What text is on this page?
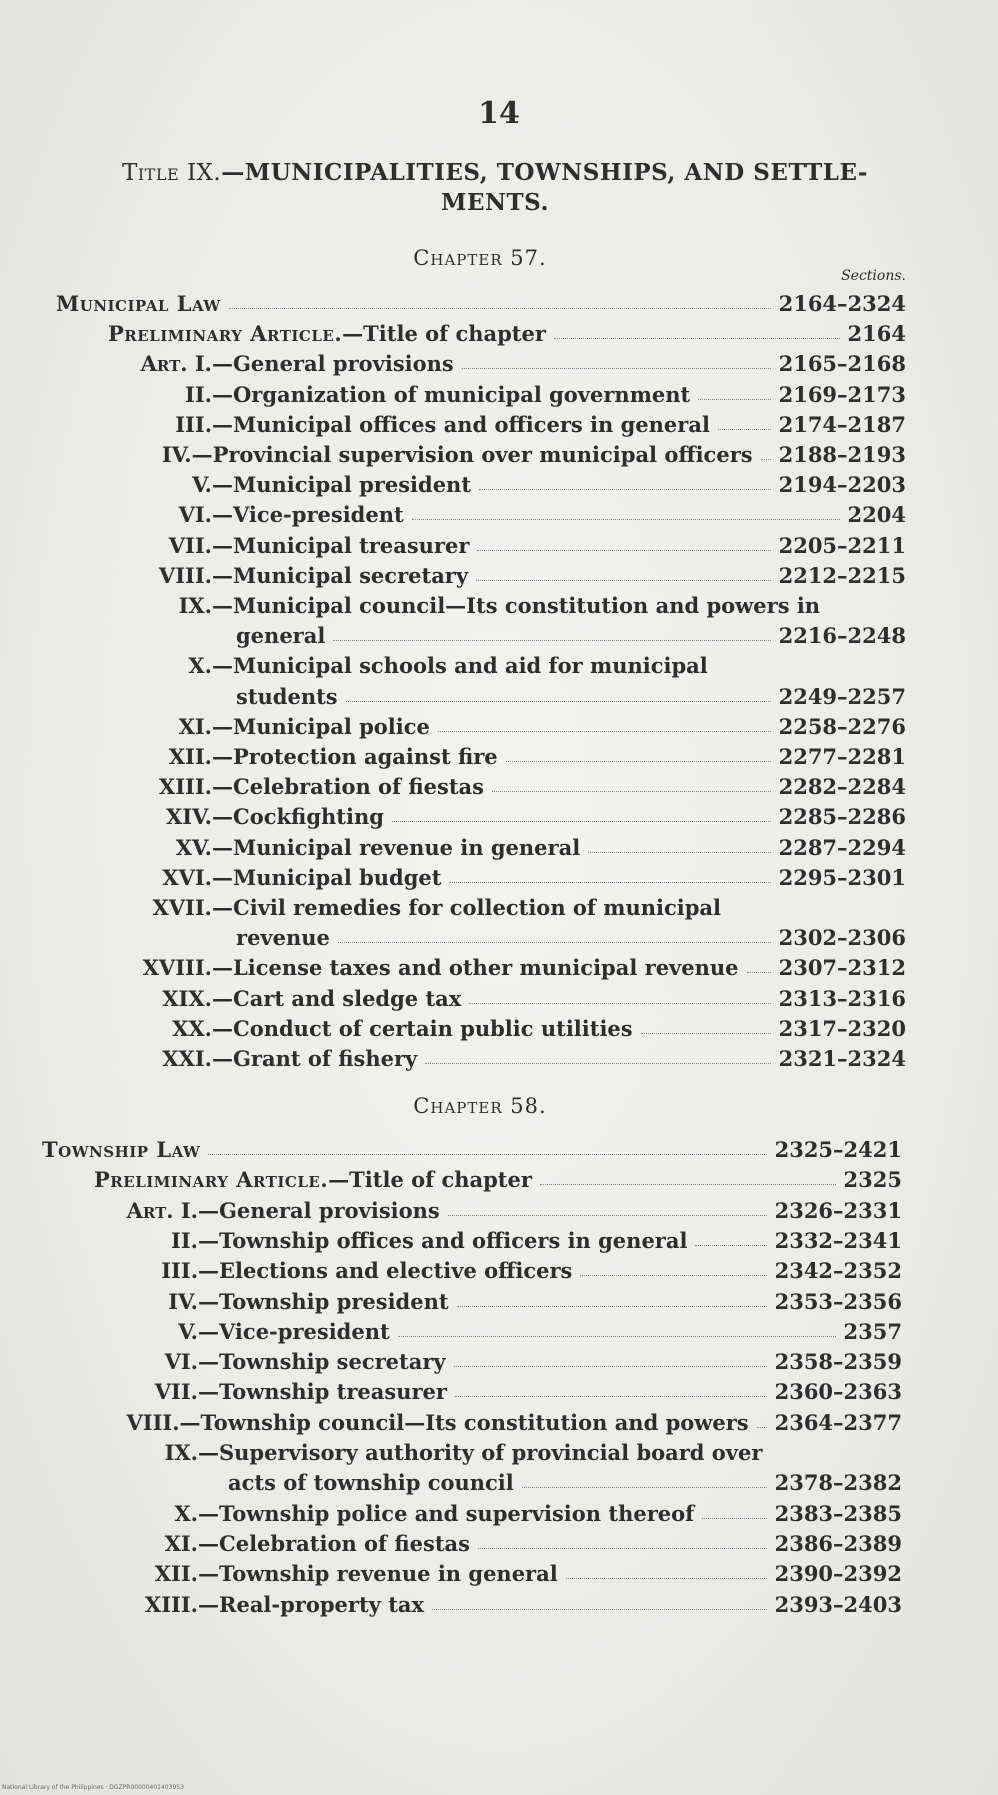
14
Title IX.—MUNICIPALITIES, TOWNSHIPS, AND SETTLE-
MENTS.
Chapter 57.
Sections.
Municipal Law	2164–2324
Preliminary Article.—Title of chapter	2164
Art. I. —General provisions	2165–2168
II. —Organization of municipal government	2169–2173
III. —Municipal offices and officers in general	2174–2187
IV. —Provincial supervision over municipal officers 2188–2193
V. —Municipal president	2194–2203
VI. —Vice-president	2204
VII. —Municipal treasurer	2205–2211
VIII. —Municipal secretary	2212–2215
IX. —Municipal council—Its constitution and powers in
general	2216–2248
X. —Municipal schools and aid for municipal
students	2249–2257
XI. —Municipal police	2258–2276
XII. —Protection against fire	2277–2281
XIII. —Celebration of fiestas	2282–2284
XIV. —Cockfighting	2285–2286
XV. —Municipal revenue in general	2287–2294
XVI. —Municipal budget	2295–2301
XVII. —Civil remedies for collection of municipal
revenue	2302–2306
XVIII. —License taxes and other municipal revenue 2307–2312
XIX. —Cart and sledge tax	2313–2316
XX. —Conduct of certain public utilities	2317–2320
XXI. —Grant of fishery	2321–2324
Chapter 58.
Township Law	2325–2421
Preliminary Article.—Title of chapter	2325
Art. I. —General provisions	2326–2331
II. —Township offices and officers in general	2332–2341
III. —Elections and elective officers	2342–2352
IV. —Township president	2353–2356
V. —Vice-president	2357
VI. —Township secretary	2358–2359
VII. —Township treasurer	2360–2363
VIII. —Township council—Its constitution and powers 2364–2377
IX. —Supervisory authority of provincial board over
acts of township council	2378–2382
X. —Township police and supervision thereof	2383–2385
XI. —Celebration of fiestas	2386–2389
XII. —Township revenue in general	2390–2392
XIII. —Real-property tax	2393–2403
National Library of the Philippines · DGZPR00000401403953
